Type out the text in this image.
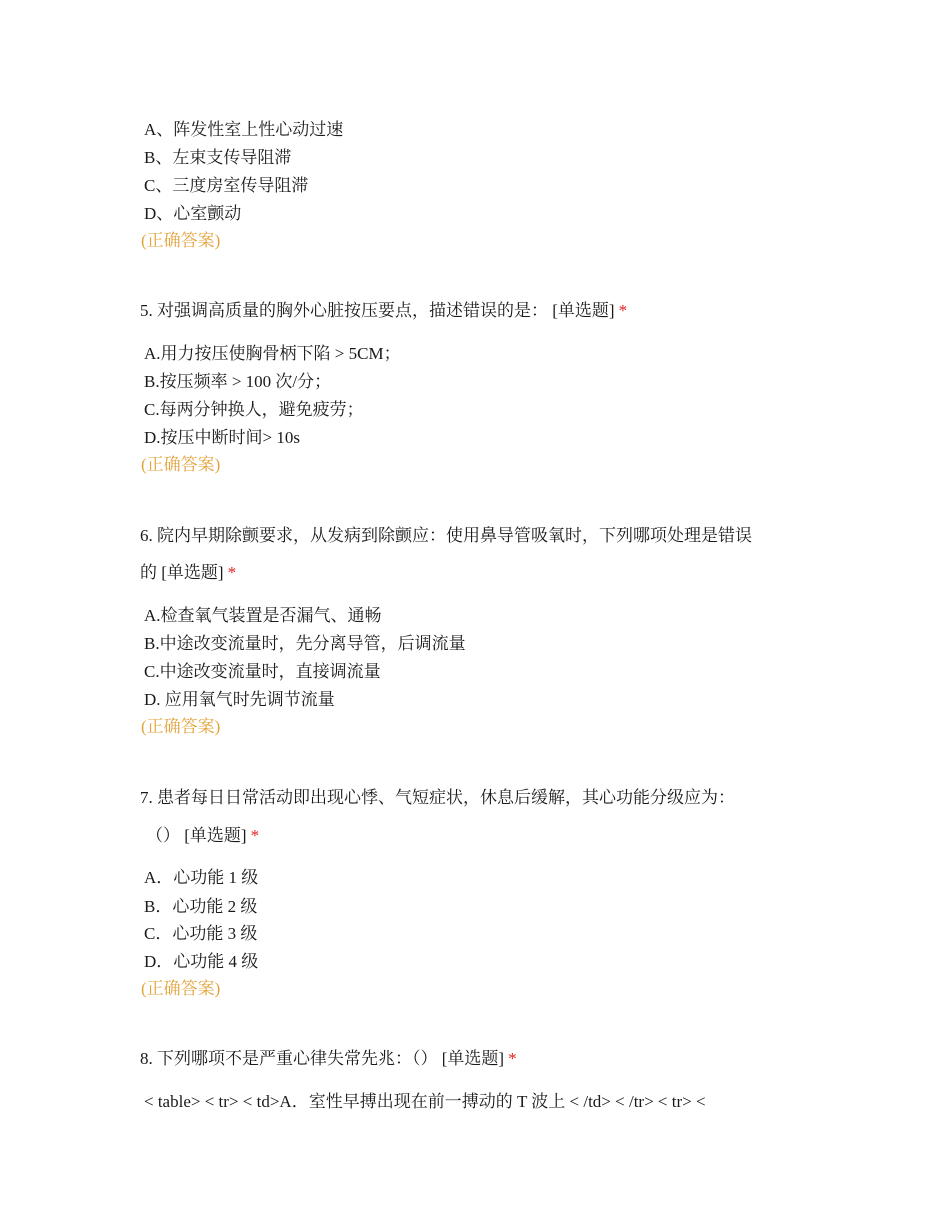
A、阵发性室上性心动过速
B、左束支传导阻滞
C、三度房室传导阻滞
D、心室颤动
(正确答案)
5. 对强调高质量的胸外心脏按压要点，描述错误的是： [单选题] *
A.用力按压使胸骨柄下陷 > 5CM；
B.按压频率 > 100 次/分；
C.每两分钟换人，避免疲劳；
D.按压中断时间> 10s
(正确答案)
6. 院内早期除颤要求，从发病到除颤应：使用鼻导管吸氧时，下列哪项处理是错误
的 [单选题] *
A.检查氧气装置是否漏气、通畅
B.中途改变流量时，先分离导管，后调流量
C.中途改变流量时，直接调流量
D. 应用氧气时先调节流量
(正确答案)
7. 患者每日日常活动即出现心悸、气短症状，休息后缓解，其心功能分级应为：
（） [单选题] *
A．心功能 1 级
B．心功能 2 级
C．心功能 3 级
D．心功能 4 级
(正确答案)
8. 下列哪项不是严重心律失常先兆：（） [单选题] *
< table> < tr> < td>A．室性早搏出现在前一搏动的 T 波上 < /td> < /tr> < tr> <
